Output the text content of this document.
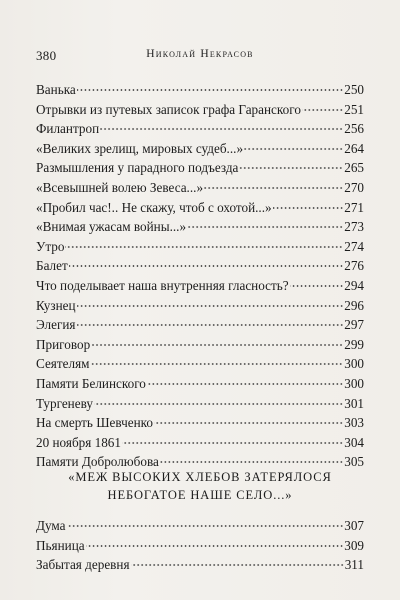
380	Николай Некрасов
Ванька	250
Отрывки из путевых записок графа Гаранского	251
Филантроп	256
«Великих зрелищ, мировых судеб...»	264
Размышления у парадного подъезда	265
«Всевышней волею Зевеса...»	270
«Пробил час!.. Не скажу, чтоб с охотой...»	271
«Внимая ужасам войны...»	273
Утро	274
Балет	276
Что поделывает наша внутренняя гласность?	294
Кузнец	296
Элегия	297
Приговор	299
Сеятелям	300
Памяти Белинского	300
Тургеневу	301
На смерть Шевченко	303
20 ноября 1861	304
Памяти Добролюбова	305
«МЕЖ ВЫСОКИХ ХЛЕБОВ ЗАТЕРЯЛОСЯ
НЕБОГАТОЕ НАШЕ СЕЛО...»
Дума	307
Пьяница	309
Забытая деревня	311
